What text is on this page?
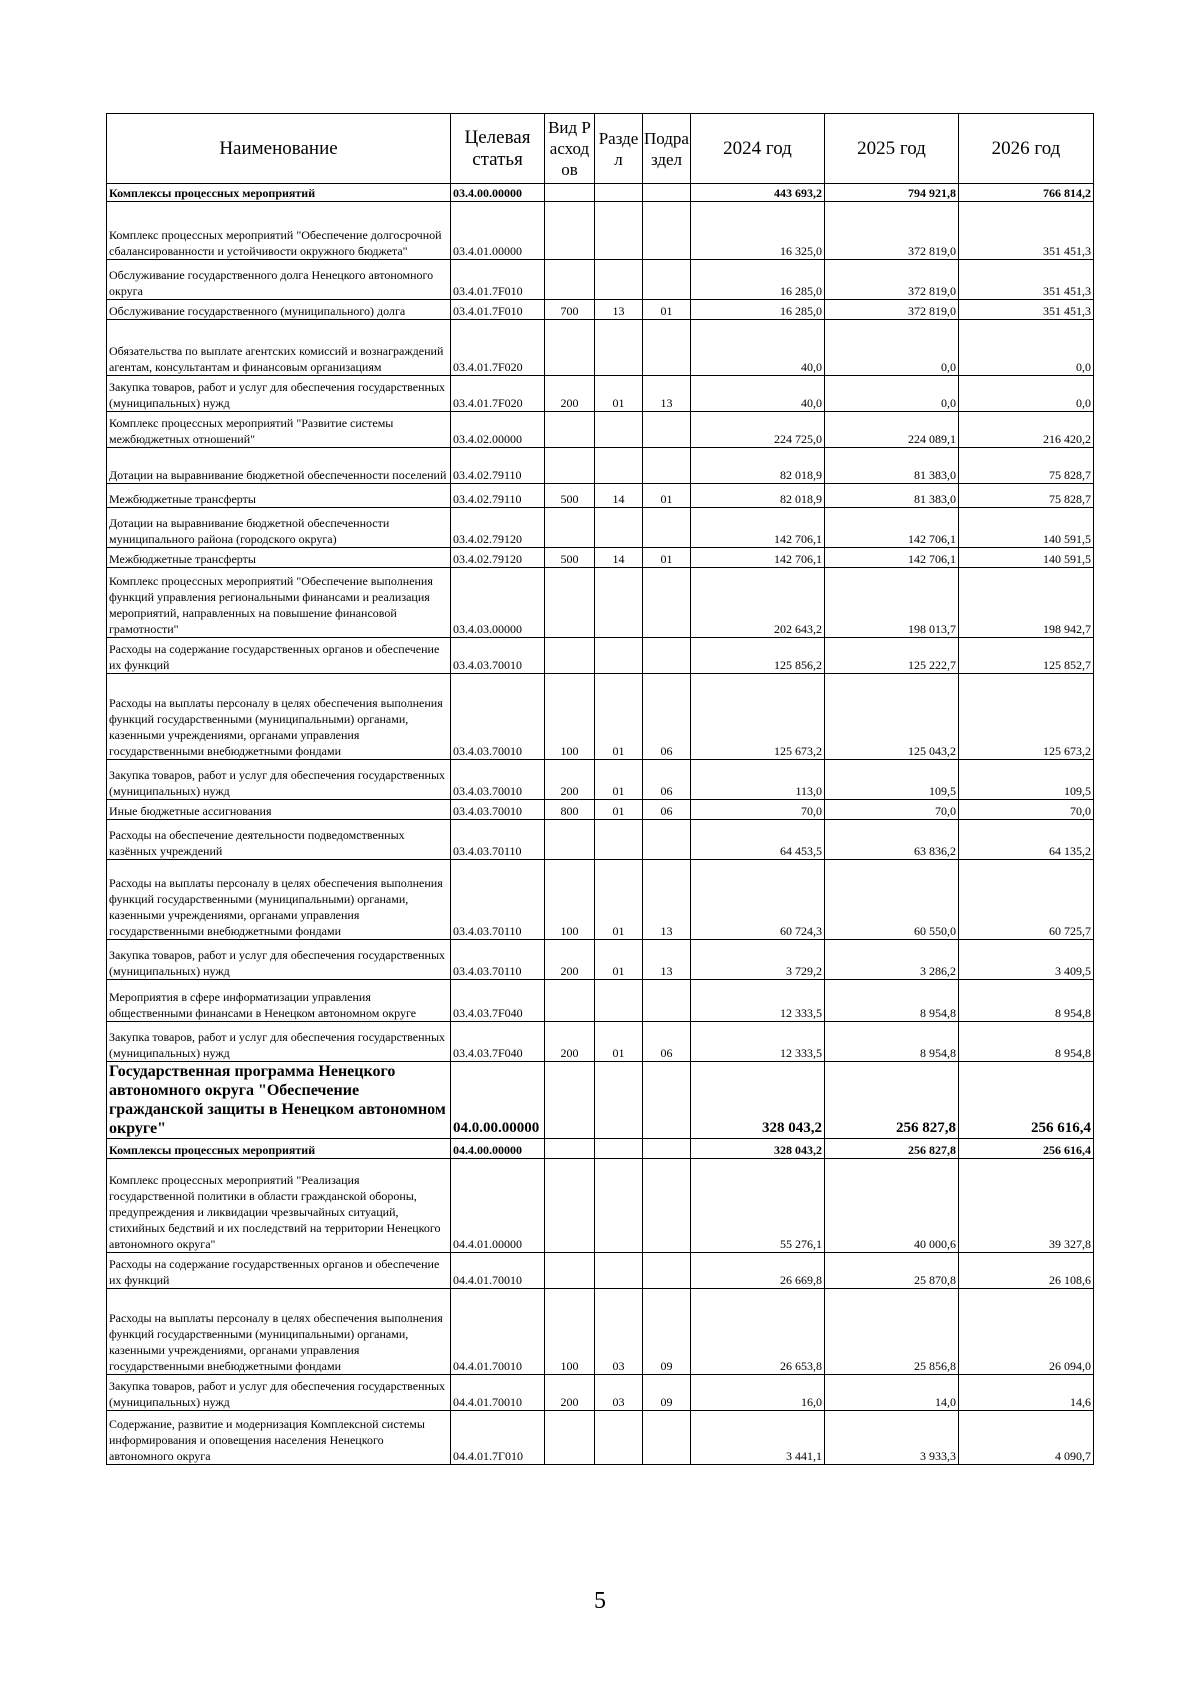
Наименование	Целевая статья	Вид Расходов	Раздел	Подраздел	2024 год	2025 год	2026 год
Комплексы процессных мероприятий	03.4.00.00000				443 693,2	794 921,8	766 814,2
Комплекс процессных мероприятий "Обеспечение долгосрочной сбалансированности и устойчивости окружного бюджета"	03.4.01.00000				16 325,0	372 819,0	351 451,3
Обслуживание государственного долга Ненецкого автономного округа	03.4.01.7F010				16 285,0	372 819,0	351 451,3
Обслуживание государственного (муниципального) долга	03.4.01.7F010	700	13	01	16 285,0	372 819,0	351 451,3
Обязательства по выплате агентских комиссий и вознаграждений агентам, консультантам и финансовым организациям	03.4.01.7F020				40,0	0,0	0,0
Закупка товаров, работ и услуг для обеспечения государственных (муниципальных) нужд	03.4.01.7F020	200	01	13	40,0	0,0	0,0
Комплекс процессных мероприятий "Развитие системы межбюджетных отношений"	03.4.02.00000				224 725,0	224 089,1	216 420,2
Дотации на выравнивание бюджетной обеспеченности поселений	03.4.02.79110				82 018,9	81 383,0	75 828,7
Межбюджетные трансферты	03.4.02.79110	500	14	01	82 018,9	81 383,0	75 828,7
Дотации на выравнивание бюджетной обеспеченности муниципального района (городского округа)	03.4.02.79120				142 706,1	142 706,1	140 591,5
Межбюджетные трансферты	03.4.02.79120	500	14	01	142 706,1	142 706,1	140 591,5
Комплекс процессных мероприятий "Обеспечение выполнения функций управления региональными финансами и реализация мероприятий, направленных на повышение финансовой грамотности"	03.4.03.00000				202 643,2	198 013,7	198 942,7
Расходы на содержание государственных органов и обеспечение их функций	03.4.03.70010				125 856,2	125 222,7	125 852,7
Расходы на выплаты персоналу в целях обеспечения выполнения функций государственными (муниципальными) органами, казенными учреждениями, органами управления государственными внебюджетными фондами	03.4.03.70010	100	01	06	125 673,2	125 043,2	125 673,2
Закупка товаров, работ и услуг для обеспечения государственных (муниципальных) нужд	03.4.03.70010	200	01	06	113,0	109,5	109,5
Иные бюджетные ассигнования	03.4.03.70010	800	01	06	70,0	70,0	70,0
Расходы на обеспечение деятельности подведомственных казённых учреждений	03.4.03.70110				64 453,5	63 836,2	64 135,2
Расходы на выплаты персоналу в целях обеспечения выполнения функций государственными (муниципальными) органами, казенными учреждениями, органами управления государственными внебюджетными фондами	03.4.03.70110	100	01	13	60 724,3	60 550,0	60 725,7
Закупка товаров, работ и услуг для обеспечения государственных (муниципальных) нужд	03.4.03.70110	200	01	13	3 729,2	3 286,2	3 409,5
Мероприятия в сфере информатизации управления общественными финансами в Ненецком автономном округе	03.4.03.7F040				12 333,5	8 954,8	8 954,8
Закупка товаров, работ и услуг для обеспечения государственных (муниципальных) нужд	03.4.03.7F040	200	01	06	12 333,5	8 954,8	8 954,8
Государственная программа Ненецкого автономного округа "Обеспечение гражданской защиты в Ненецком автономном округе"	04.0.00.00000				328 043,2	256 827,8	256 616,4
Комплексы процессных мероприятий	04.4.00.00000				328 043,2	256 827,8	256 616,4
Комплекс процессных мероприятий "Реализация государственной политики в области гражданской обороны, предупреждения и ликвидации чрезвычайных ситуаций, стихийных бедствий и их последствий на территории Ненецкого автономного округа"	04.4.01.00000				55 276,1	40 000,6	39 327,8
Расходы на содержание государственных органов и обеспечение их функций	04.4.01.70010				26 669,8	25 870,8	26 108,6
Расходы на выплаты персоналу в целях обеспечения выполнения функций государственными (муниципальными) органами, казенными учреждениями, органами управления государственными внебюджетными фондами	04.4.01.70010	100	03	09	26 653,8	25 856,8	26 094,0
Закупка товаров, работ и услуг для обеспечения государственных (муниципальных) нужд	04.4.01.70010	200	03	09	16,0	14,0	14,6
Содержание, развитие и модернизация Комплексной системы информирования и оповещения населения Ненецкого автономного округа	04.4.01.7Г010				3 441,1	3 933,3	4 090,7
5
